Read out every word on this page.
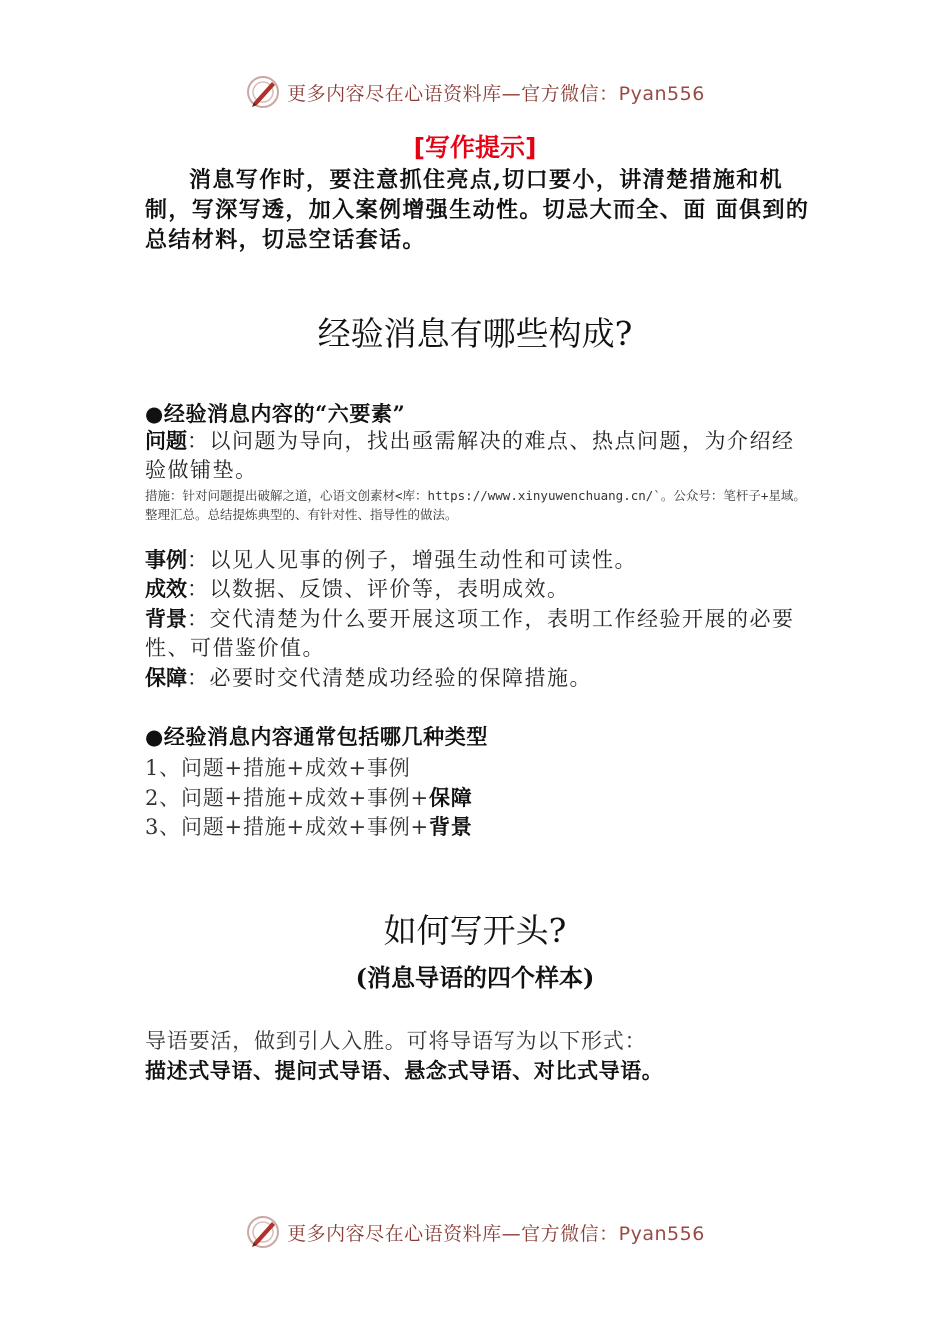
更多内容尽在心语资料库—官方微信：Pyan556
[写作提示]
消息写作时，要注意抓住亮点,切口要小，讲清楚措施和机制，写深写透，加入案例增强生动性。切忌大而全、面 面俱到的总结材料，切忌空话套话。
经验消息有哪些构成?
●经验消息内容的“六要素”
问题：以问题为导向，找出亟需解决的难点、热点问题，为介绍经验做铺垫。
措施：针对问题提出破解之道，心语文创素材<库：https://www.xinyuwenchuang.cn/`。公众号：笔杆子+星域。整理汇总。总结提炼典型的、有针对性、指导性的做法。
事例：以见人见事的例子，增强生动性和可读性。
成效：以数据、反馈、评价等，表明成效。
背景：交代清楚为什么要开展这项工作，表明工作经验开展的必要性、可借鉴价值。
保障：必要时交代清楚成功经验的保障措施。
●经验消息内容通常包括哪几种类型
1、问题+措施+成效+事例
2、问题+措施+成效+事例+保障
3、问题+措施+成效+事例+背景
如何写开头?
(消息导语的四个样本)
导语要活，做到引人入胜。可将导语写为以下形式：
描述式导语、提问式导语、悬念式导语、对比式导语。
更多内容尽在心语资料库—官方微信：Pyan556
